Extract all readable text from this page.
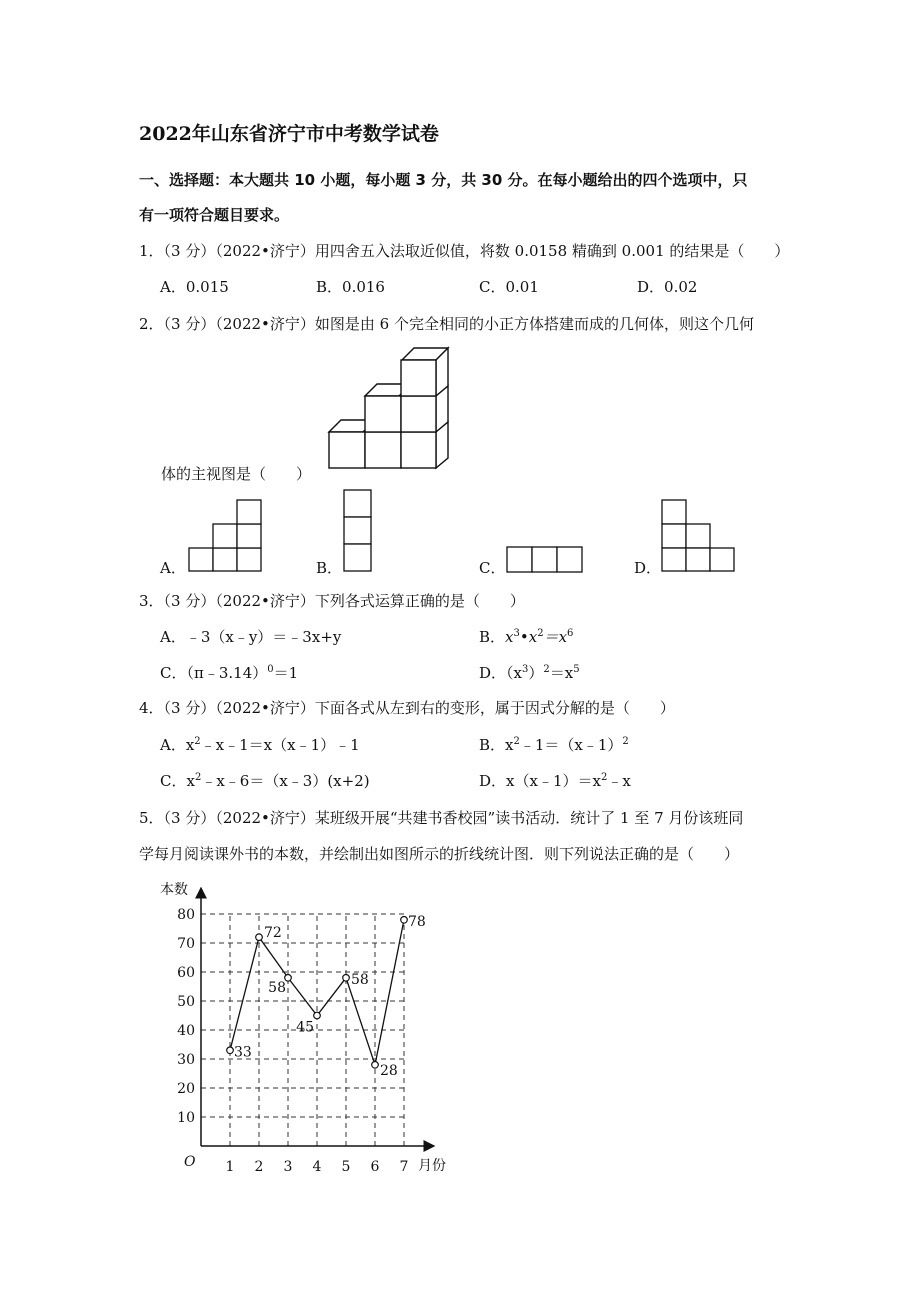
2022年山东省济宁市中考数学试卷
一、选择题：本大题共 10 小题，每小题 3 分，共 30 分。在每小题给出的四个选项中，只
有一项符合题目要求。
1．（3 分）（2022•济宁）用四舍五入法取近似值，将数 0.0158 精确到 0.001 的结果是（　　）
A．0.015	B．0.016	C．0.01	D．0.02
2．（3 分）（2022•济宁）如图是由 6 个完全相同的小正方体搭建而成的几何体，则这个几何
体的主视图是（　　）
A．	B．	C．	D．
3．（3 分）（2022•济宁）下列各式运算正确的是（　　）
A．﹣3（x﹣y）＝﹣3x+y	B．$x^3•x^2=x^6$
C．（π﹣3.14）$^0$＝1	D．$(x^3)^2=x^5$
4．（3 分）（2022•济宁）下面各式从左到右的变形，属于因式分解的是（　　）
A．$x^2﹣x﹣1=x(x﹣1)﹣1$	B．$x^2﹣1=(x﹣1)^2$
C．$x^2﹣x﹣6=(x﹣3)(x+2)$	D．$x(x﹣1)=x^2﹣x$
5．（3 分）（2022•济宁）某班级开展“共建书香校园”读书活动．统计了 1 至 7 月份该班同
学每月阅读课外书的本数，并绘制出如图所示的折线统计图．则下列说法正确的是（　　）
本数
月份
O
10
20
30
40
50
60
70
80
1 2 3 4 5 6 7
33
72
58
45
58
28
78
